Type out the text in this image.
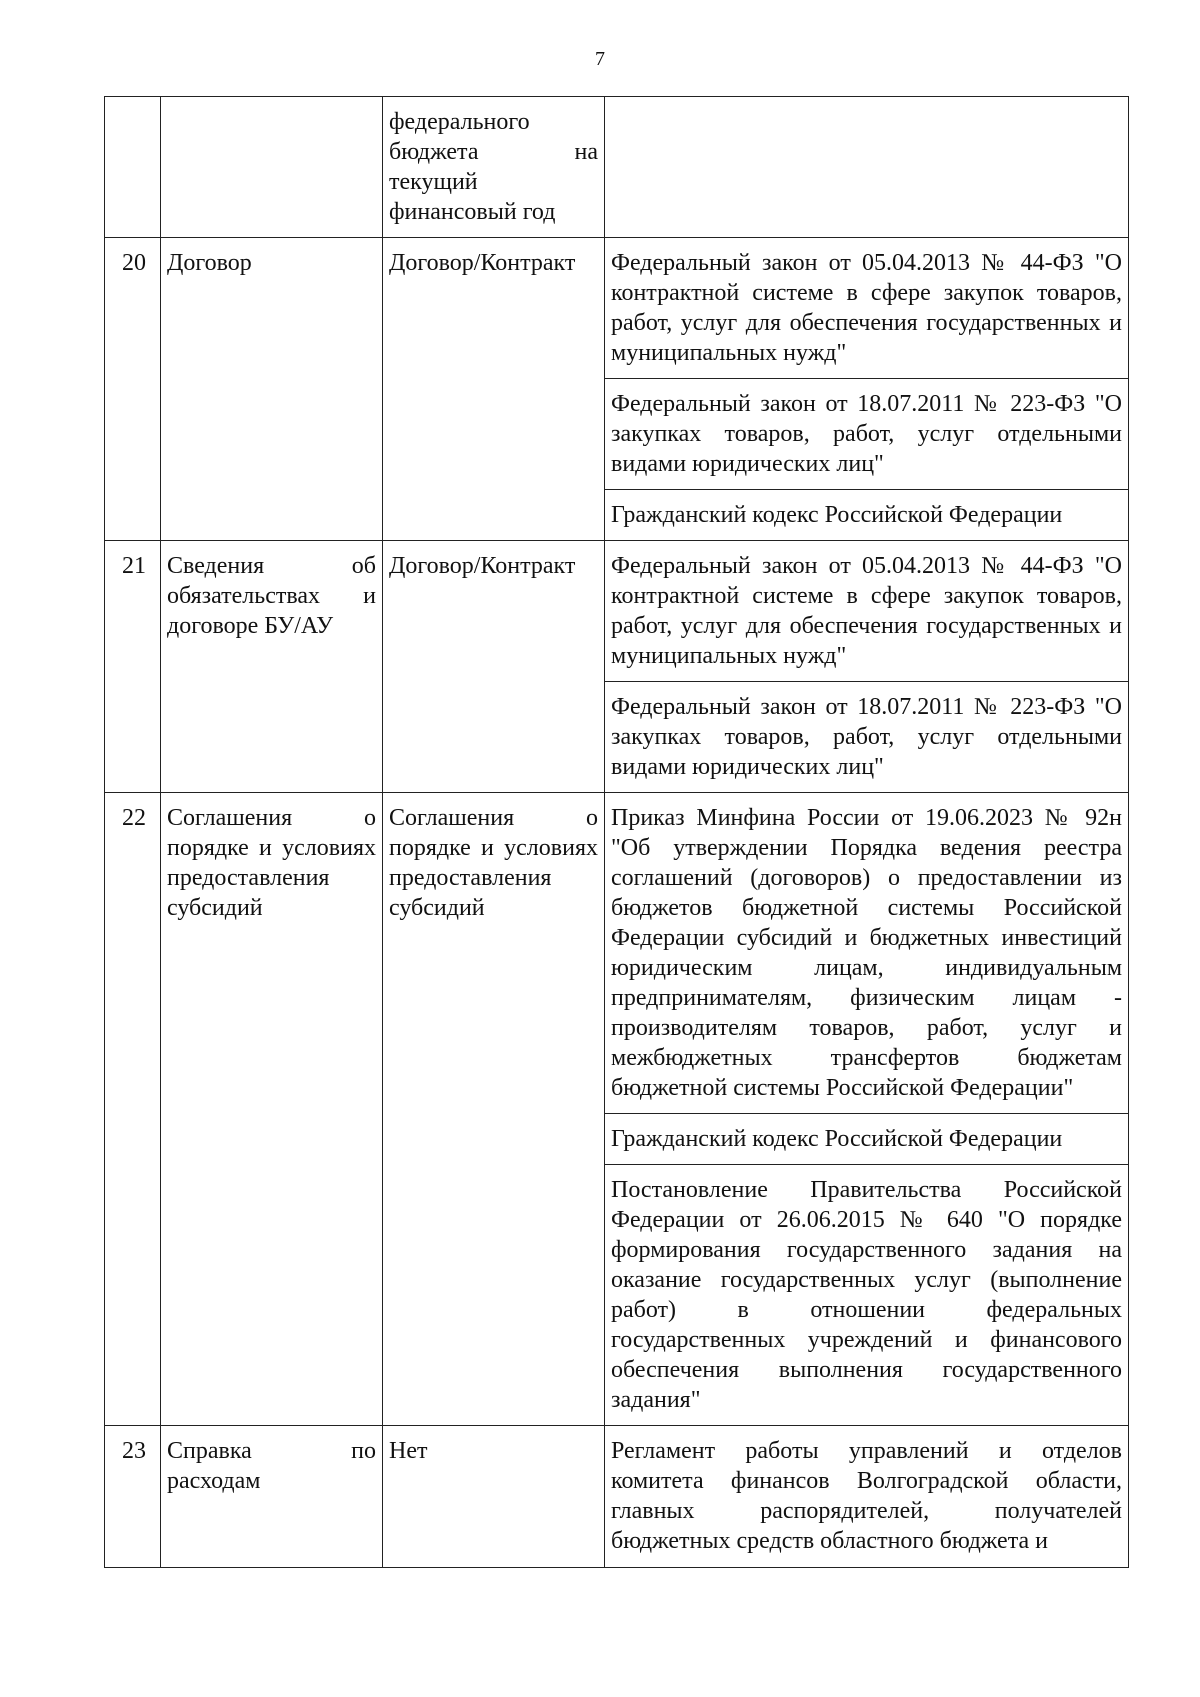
7
		федерального бюджета на текущий финансовый год	
20	Договор	Договор/Контракт	Федеральный закон от 05.04.2013 № 44-ФЗ "О контрактной системе в сфере закупок товаров, работ, услуг для обеспечения государственных и муниципальных нужд"
			Федеральный закон от 18.07.2011 № 223-ФЗ "О закупках товаров, работ, услуг отдельными видами юридических лиц"
			Гражданский кодекс Российской Федерации
21	Сведения об обязательствах и договоре БУ/АУ	Договор/Контракт	Федеральный закон от 05.04.2013 № 44-ФЗ "О контрактной системе в сфере закупок товаров, работ, услуг для обеспечения государственных и муниципальных нужд"
			Федеральный закон от 18.07.2011 № 223-ФЗ "О закупках товаров, работ, услуг отдельными видами юридических лиц"
22	Соглашения о порядке и условиях предоставления субсидий	Соглашения о порядке и условиях предоставления субсидий	Приказ Минфина России от 19.06.2023 № 92н "Об утверждении Порядка ведения реестра соглашений (договоров) о предоставлении из бюджетов бюджетной системы Российской Федерации субсидий и бюджетных инвестиций юридическим лицам, индивидуальным предпринимателям, физическим лицам - производителям товаров, работ, услуг и межбюджетных трансфертов бюджетам бюджетной системы Российской Федерации"
			Гражданский кодекс Российской Федерации
			Постановление Правительства Российской Федерации от 26.06.2015 № 640 "О порядке формирования государственного задания на оказание государственных услуг (выполнение работ) в отношении федеральных государственных учреждений и финансового обеспечения выполнения государственного задания"
23	Справка по расходам	Нет	Регламент работы управлений и отделов комитета финансов Волгоградской области, главных распорядителей, получателей бюджетных средств областного бюджета и
